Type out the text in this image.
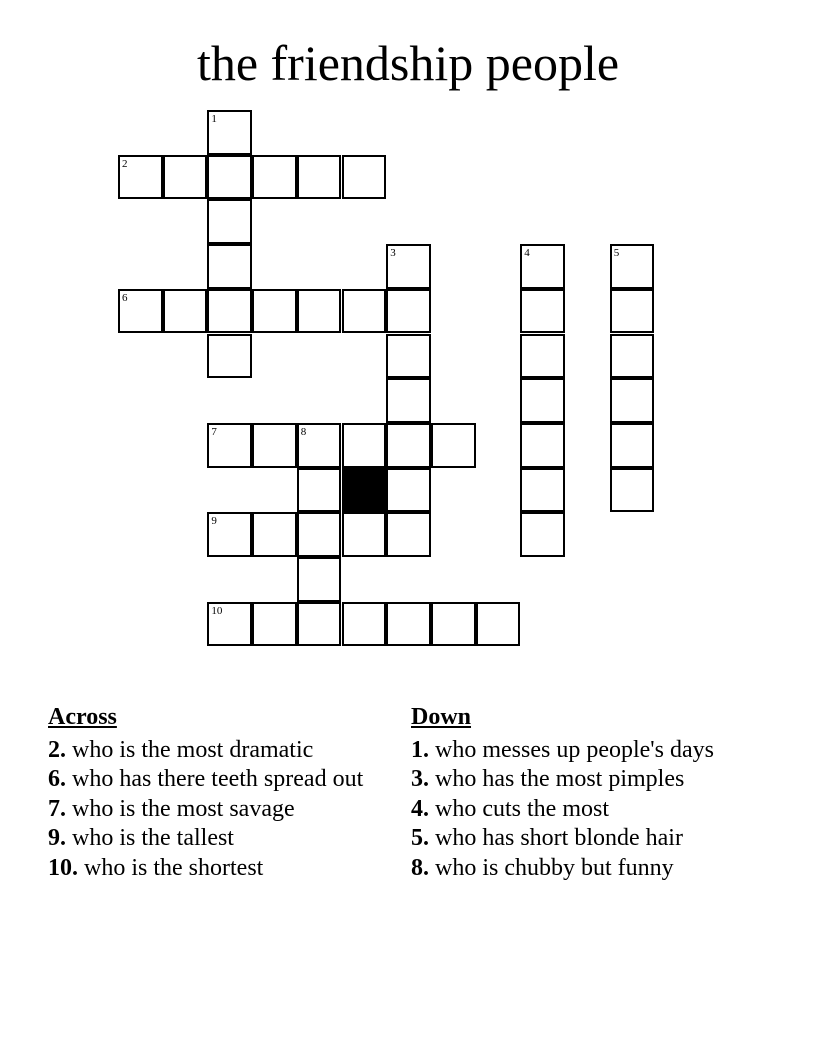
the friendship people
1
2
3	4	5
6
7	8
9
10
Across
2. who is the most dramatic
6. who has there teeth spread out
7. who is the most savage
9. who is the tallest
10. who is the shortest
Down
1. who messes up people's days
3. who has the most pimples
4. who cuts the most
5. who has short blonde hair
8. who is chubby but funny
